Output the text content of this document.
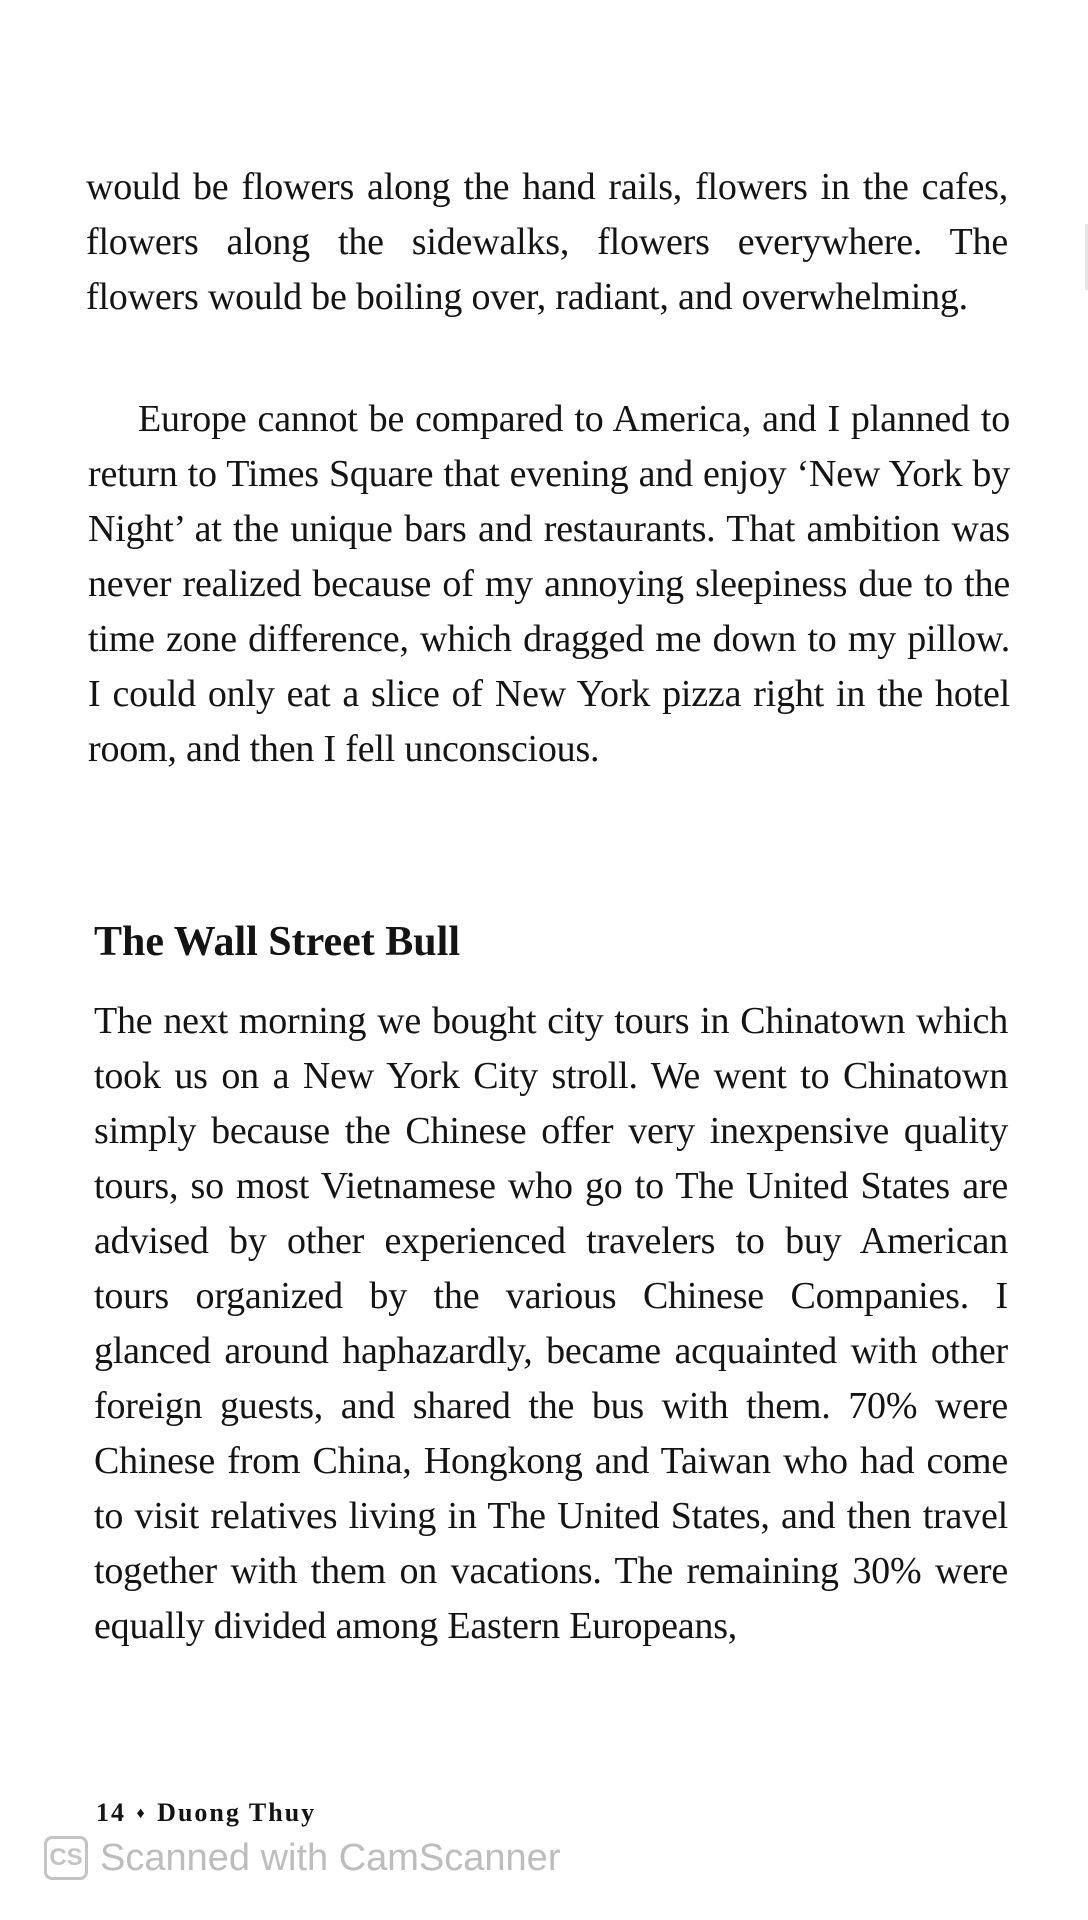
would be flowers along the hand rails, flowers in the cafes, flowers along the sidewalks, flowers everywhere. The flowers would be boiling over, radiant, and overwhelming.

Europe cannot be compared to America, and I planned to return to Times Square that evening and enjoy ‘New York by Night’ at the unique bars and restaurants. That ambition was never realized because of my annoying sleepiness due to the time zone difference, which dragged me down to my pillow. I could only eat a slice of New York pizza right in the hotel room, and then I fell unconscious.

The Wall Street Bull

The next morning we bought city tours in Chinatown which took us on a New York City stroll. We went to Chinatown simply because the Chinese offer very inexpensive quality tours, so most Vietnamese who go to The United States are advised by other experienced travelers to buy American tours organized by the various Chinese Companies. I glanced around haphazardly, became acquainted with other foreign guests, and shared the bus with them. 70% were Chinese from China, Hongkong and Taiwan who had come to visit relatives living in The United States, and then travel together with them on vacations. The remaining 30% were equally divided among Eastern Europeans,

14 ♦ Duong Thuy
CS Scanned with CamScanner
